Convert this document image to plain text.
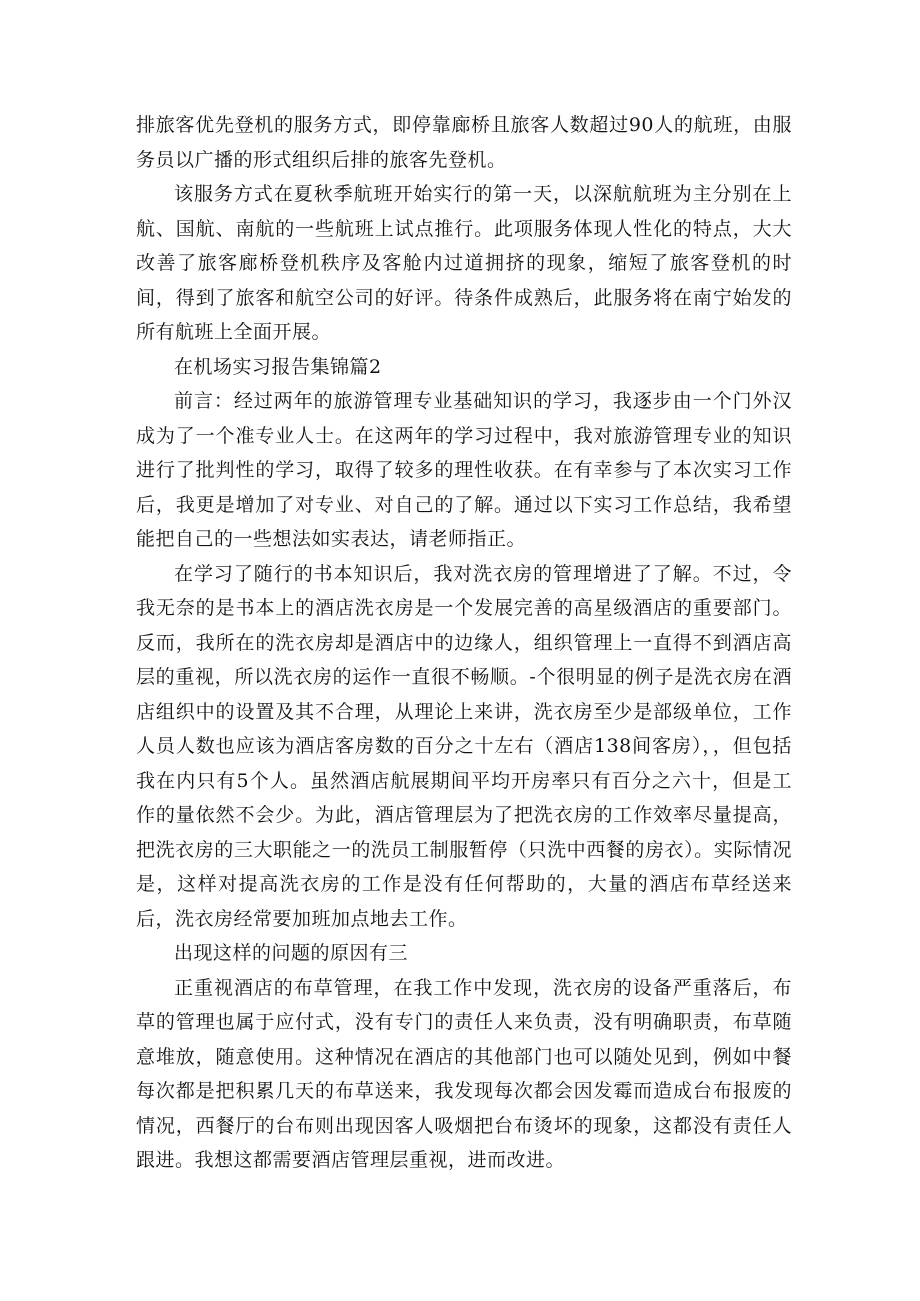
排旅客优先登机的服务方式，即停靠廊桥且旅客人数超过90人的航班，由服务员以广播的形式组织后排的旅客先登机。

该服务方式在夏秋季航班开始实行的第一天，以深航航班为主分别在上航、国航、南航的一些航班上试点推行。此项服务体现人性化的特点，大大改善了旅客廊桥登机秩序及客舱内过道拥挤的现象，缩短了旅客登机的时间，得到了旅客和航空公司的好评。待条件成熟后，此服务将在南宁始发的所有航班上全面开展。

在机场实习报告集锦篇2

前言：经过两年的旅游管理专业基础知识的学习，我逐步由一个门外汉成为了一个准专业人士。在这两年的学习过程中，我对旅游管理专业的知识进行了批判性的学习，取得了较多的理性收获。在有幸参与了本次实习工作后，我更是增加了对专业、对自己的了解。通过以下实习工作总结，我希望能把自己的一些想法如实表达，请老师指正。

在学习了随行的书本知识后，我对洗衣房的管理增进了了解。不过，令我无奈的是书本上的酒店洗衣房是一个发展完善的高星级酒店的重要部门。反而，我所在的洗衣房却是酒店中的边缘人，组织管理上一直得不到酒店高层的重视，所以洗衣房的运作一直很不畅顺。-个很明显的例子是洗衣房在酒店组织中的设置及其不合理，从理论上来讲，洗衣房至少是部级单位，工作人员人数也应该为酒店客房数的百分之十左右（酒店138间客房），，但包括我在内只有5个人。虽然酒店航展期间平均开房率只有百分之六十，但是工作的量依然不会少。为此，酒店管理层为了把洗衣房的工作效率尽量提高，把洗衣房的三大职能之一的洗员工制服暂停（只洗中西餐的房衣）。实际情况是，这样对提高洗衣房的工作是没有任何帮助的，大量的酒店布草经送来后，洗衣房经常要加班加点地去工作。

出现这样的问题的原因有三

正重视酒店的布草管理，在我工作中发现，洗衣房的设备严重落后，布草的管理也属于应付式，没有专门的责任人来负责，没有明确职责，布草随意堆放，随意使用。这种情况在酒店的其他部门也可以随处见到，例如中餐每次都是把积累几天的布草送来，我发现每次都会因发霉而造成台布报废的情况，西餐厅的台布则出现因客人吸烟把台布烫坏的现象，这都没有责任人跟进。我想这都需要酒店管理层重视，进而改进。
